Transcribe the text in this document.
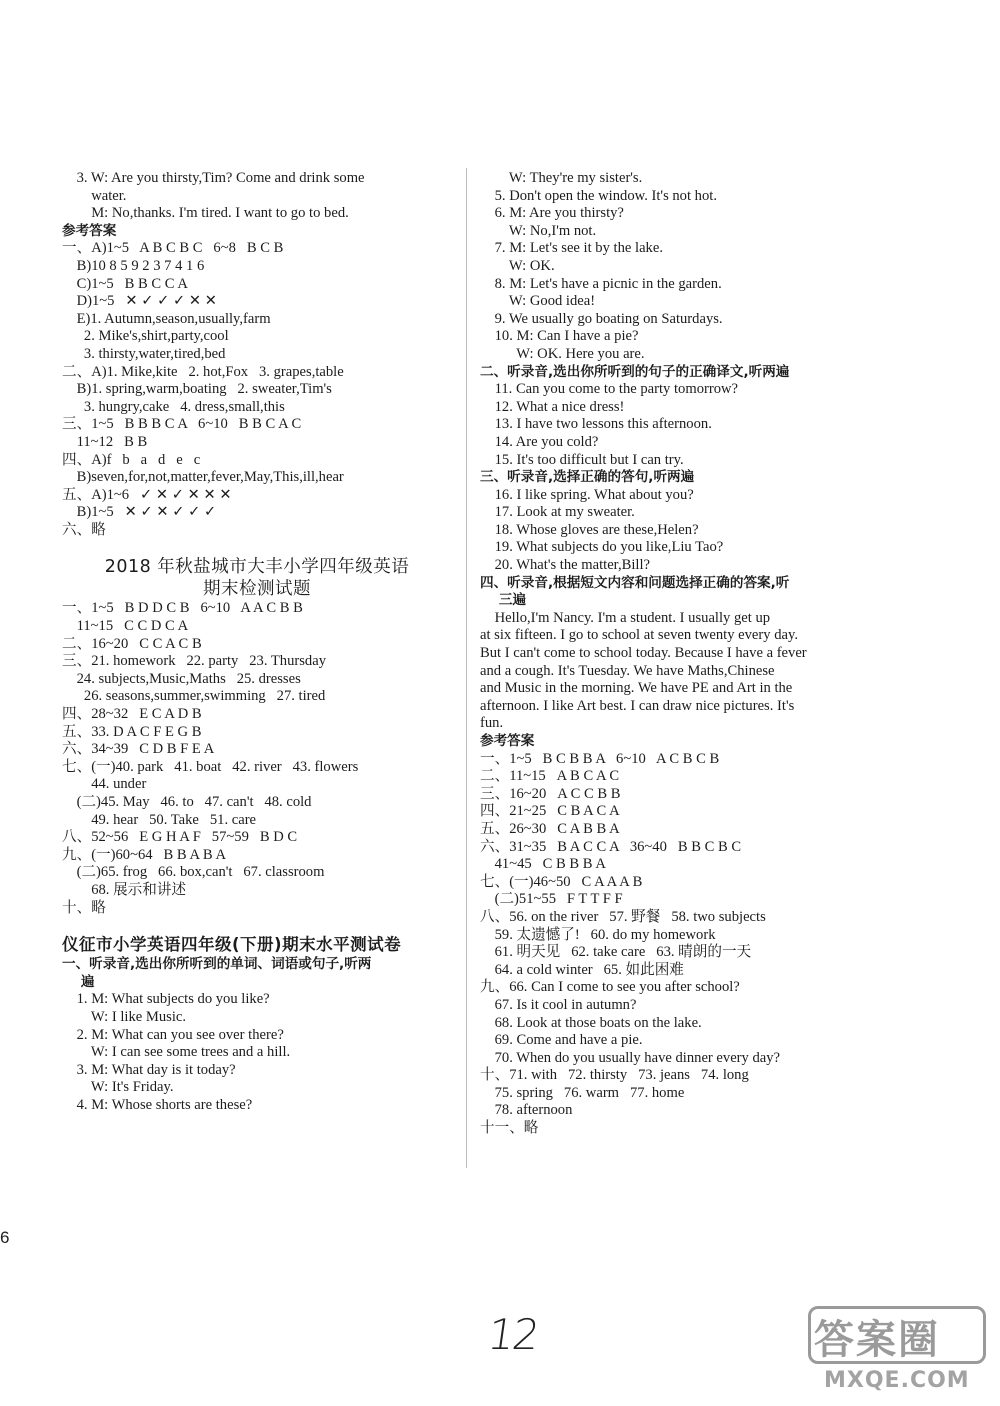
3. W: Are you thirsty,Tim? Come and drink some
water.
M: No,thanks. I'm tired. I want to go to bed.
参考答案
一、A)1~5   A B C B C   6~8   B C B
B)10 8 5 9 2 3 7 4 1 6
C)1~5   B B C C A
D)1~5   ✕ ✓ ✓ ✓ ✕ ✕
E)1. Autumn,season,usually,farm
2. Mike's,shirt,party,cool
3. thirsty,water,tired,bed
二、A)1. Mike,kite   2. hot,Fox   3. grapes,table
B)1. spring,warm,boating   2. sweater,Tim's
3. hungry,cake   4. dress,small,this
三、1~5   B B B C A   6~10   B B C A C
11~12   B B
四、A)f   b   a   d   e   c
B)seven,for,not,matter,fever,May,This,ill,hear
五、A)1~6   ✓ ✕ ✓ ✕ ✕ ✕
B)1~5   ✕ ✓ ✕ ✓ ✓ ✓
六、略
2018 年秋盐城市大丰小学四年级英语
期末检测试题
一、1~5   B D D C B   6~10   A A C B B
11~15   C C D C A
二、16~20   C C A C B
三、21. homework   22. party   23. Thursday
24. subjects,Music,Maths   25. dresses
26. seasons,summer,swimming   27. tired
四、28~32   E C A D B
五、33. D A C F E G B
六、34~39   C D B F E A
七、(一)40. park   41. boat   42. river   43. flowers
44. under
(二)45. May   46. to   47. can't   48. cold
49. hear   50. Take   51. care
八、52~56   E G H A F   57~59   B D C
九、(一)60~64   B B A B A
(二)65. frog   66. box,can't   67. classroom
68. 展示和讲述
十、略
仪征市小学英语四年级(下册)期末水平测试卷
一、听录音,选出你所听到的单词、词语或句子,听两
遍
1. M: What subjects do you like?
W: I like Music.
2. M: What can you see over there?
W: I can see some trees and a hill.
3. M: What day is it today?
W: It's Friday.
4. M: Whose shorts are these?
W: They're my sister's.
5. Don't open the window. It's not hot.
6. M: Are you thirsty?
W: No,I'm not.
7. M: Let's see it by the lake.
W: OK.
8. M: Let's have a picnic in the garden.
W: Good idea!
9. We usually go boating on Saturdays.
10. M: Can I have a pie?
W: OK. Here you are.
二、听录音,选出你所听到的句子的正确译文,听两遍
11. Can you come to the party tomorrow?
12. What a nice dress!
13. I have two lessons this afternoon.
14. Are you cold?
15. It's too difficult but I can try.
三、听录音,选择正确的答句,听两遍
16. I like spring. What about you?
17. Look at my sweater.
18. Whose gloves are these,Helen?
19. What subjects do you like,Liu Tao?
20. What's the matter,Bill?
四、听录音,根据短文内容和问题选择正确的答案,听
三遍
Hello,I'm Nancy. I'm a student. I usually get up
at six fifteen. I go to school at seven twenty every day.
But I can't come to school today. Because I have a fever
and a cough. It's Tuesday. We have Maths,Chinese
and Music in the morning. We have PE and Art in the
afternoon. I like Art best. I can draw nice pictures. It's
fun.
参考答案
一、1~5   B C B B A   6~10   A C B C B
二、11~15   A B C A C
三、16~20   A C C B B
四、21~25   C B A C A
五、26~30   C A B B A
六、31~35   B A C C A   36~40   B B C B C
41~45   C B B B A
七、(一)46~50   C A A A B
(二)51~55   F T T F F
八、56. on the river   57. 野餐   58. two subjects
59. 太遗憾了!   60. do my homework
61. 明天见   62. take care   63. 晴朗的一天
64. a cold winter   65. 如此困难
九、66. Can I come to see you after school?
67. Is it cool in autumn?
68. Look at those boats on the lake.
69. Come and have a pie.
70. When do you usually have dinner every day?
十、71. with   72. thirsty   73. jeans   74. long
75. spring   76. warm   77. home
78. afternoon
十一、略
6
12	答案圈
MXQE.COM
